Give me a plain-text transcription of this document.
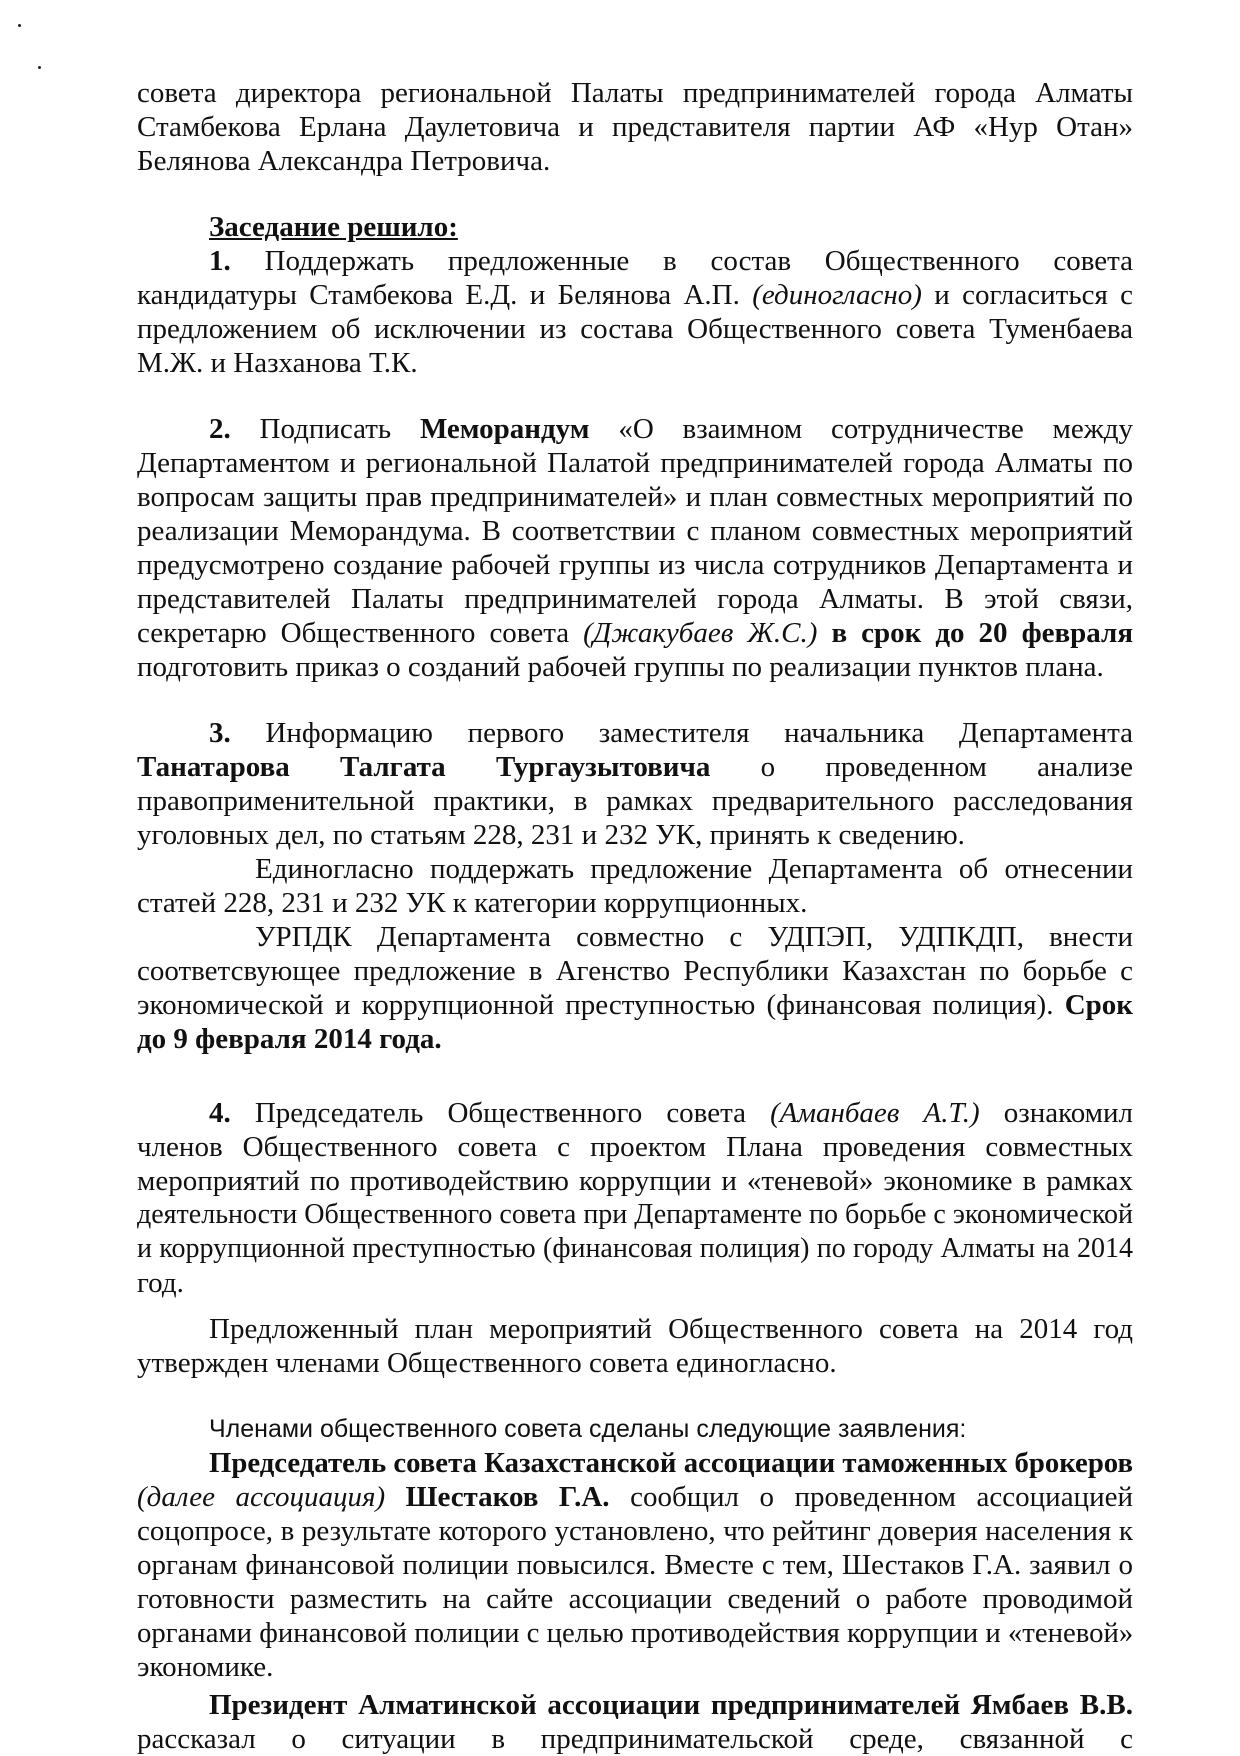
совета директора региональной Палаты предпринимателей города Алматы
Стамбекова Ерлана Даулетовича и представителя партии АФ «Нур Отан»
Белянова Александра Петровича.
Заседание решило:
1. Поддержать предложенные в состав Общественного совета
кандидатуры Стамбекова Е.Д. и Белянова А.П. (единогласно) и согласиться с
предложением об исключении из состава Общественного совета Туменбаева
М.Ж. и Назханова Т.К.
2. Подписать Меморандум «О взаимном сотрудничестве между
Департаментом и региональной Палатой предпринимателей города Алматы по
вопросам защиты прав предпринимателей» и план совместных мероприятий по
реализации Меморандума. В соответствии с планом совместных мероприятий
предусмотрено создание рабочей группы из числа сотрудников Департамента и
представителей Палаты предпринимателей города Алматы. В этой связи,
секретарю Общественного совета (Джакубаев Ж.С.) в срок до 20 февраля
подготовить приказ о созданий рабочей группы по реализации пунктов плана.
3. Информацию первого заместителя начальника Департамента
Танатарова Талгата Тургаузытовича о проведенном анализе
правоприменительной практики, в рамках предварительного расследования
уголовных дел, по статьям 228, 231 и 232 УК, принять к сведению.
Единогласно поддержать предложение Департамента об отнесении
статей 228, 231 и 232 УК к категории коррупционных.
УРПДК Департамента совместно с УДПЭП, УДПКДП, внести
соответсвующее предложение в Агенство Республики Казахстан по борьбе с
экономической и коррупционной преступностью (финансовая полиция). Срок
до 9 февраля 2014 года.
4. Председатель Общественного совета (Аманбаев А.Т.) ознакомил
членов Общественного совета с проектом Плана проведения совместных
мероприятий по противодействию коррупции и «теневой» экономике в рамках
деятельности Общественного совета при Департаменте по борьбе с экономической
и коррупционной преступностью (финансовая полиция) по городу Алматы на 2014
год.
Предложенный план мероприятий Общественного совета на 2014 год
утвержден членами Общественного совета единогласно.
Членами общественного совета сделаны следующие заявления:
Председатель совета Казахстанской ассоциации таможенных брокеров
(далее ассоциация) Шестаков Г.А. сообщил о проведенном ассоциацией
соцопросе, в результате которого установлено, что рейтинг доверия населения к
органам финансовой полиции повысился. Вместе с тем, Шестаков Г.А. заявил о
готовности разместить на сайте ассоциации сведений о работе проводимой
органами финансовой полиции с целью противодействия коррупции и «теневой»
экономике.
Президент Алматинской ассоциации предпринимателей Ямбаев В.В.
рассказал о ситуации в предпринимательской среде, связанной с
